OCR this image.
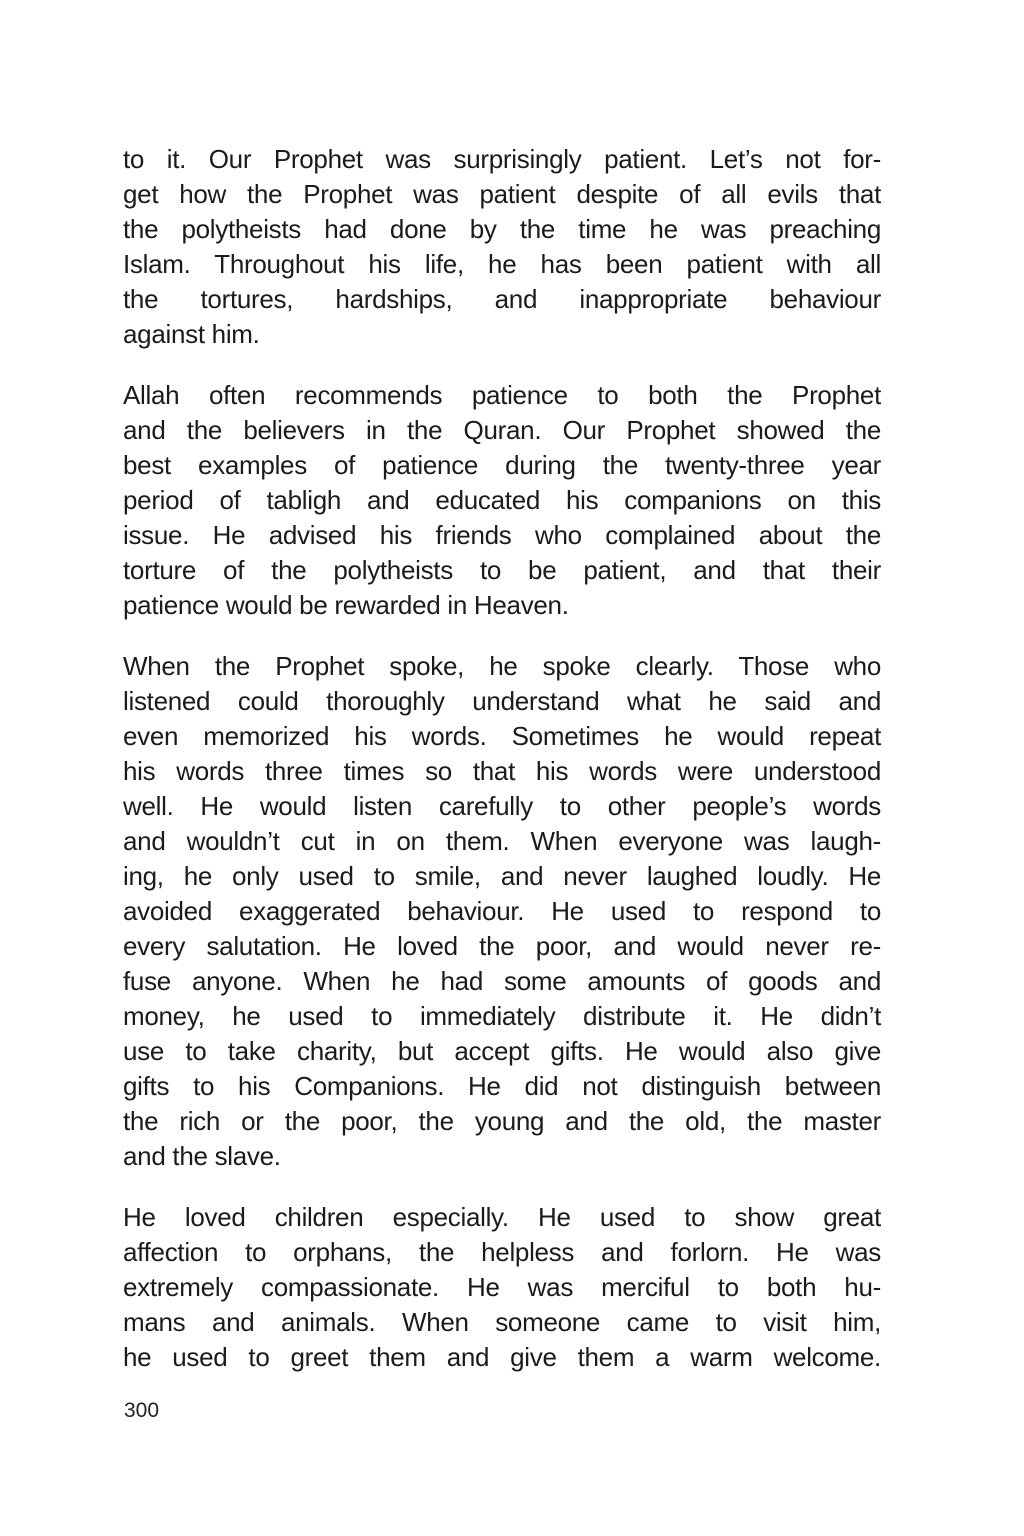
to it. Our Prophet was surprisingly patient. Let’s not for-
get how the Prophet was patient despite of all evils that
the polytheists had done by the time he was preaching
Islam. Throughout his life, he has been patient with all
the tortures, hardships, and inappropriate behaviour
against him.
Allah often recommends patience to both the Prophet
and the believers in the Quran. Our Prophet showed the
best examples of patience during the twenty-three year
period of tabligh and educated his companions on this
issue. He advised his friends who complained about the
torture of the polytheists to be patient, and that their
patience would be rewarded in Heaven.
When the Prophet spoke, he spoke clearly. Those who
listened could thoroughly understand what he said and
even memorized his words. Sometimes he would repeat
his words three times so that his words were understood
well. He would listen carefully to other people’s words
and wouldn’t cut in on them. When everyone was laugh-
ing, he only used to smile, and never laughed loudly. He
avoided exaggerated behaviour. He used to respond to
every salutation. He loved the poor, and would never re-
fuse anyone. When he had some amounts of goods and
money, he used to immediately distribute it. He didn’t
use to take charity, but accept gifts. He would also give
gifts to his Companions. He did not distinguish between
the rich or the poor, the young and the old, the master
and the slave.
He loved children especially. He used to show great
affection to orphans, the helpless and forlorn. He was
extremely compassionate. He was merciful to both hu-
mans and animals. When someone came to visit him,
he used to greet them and give them a warm welcome.
300
